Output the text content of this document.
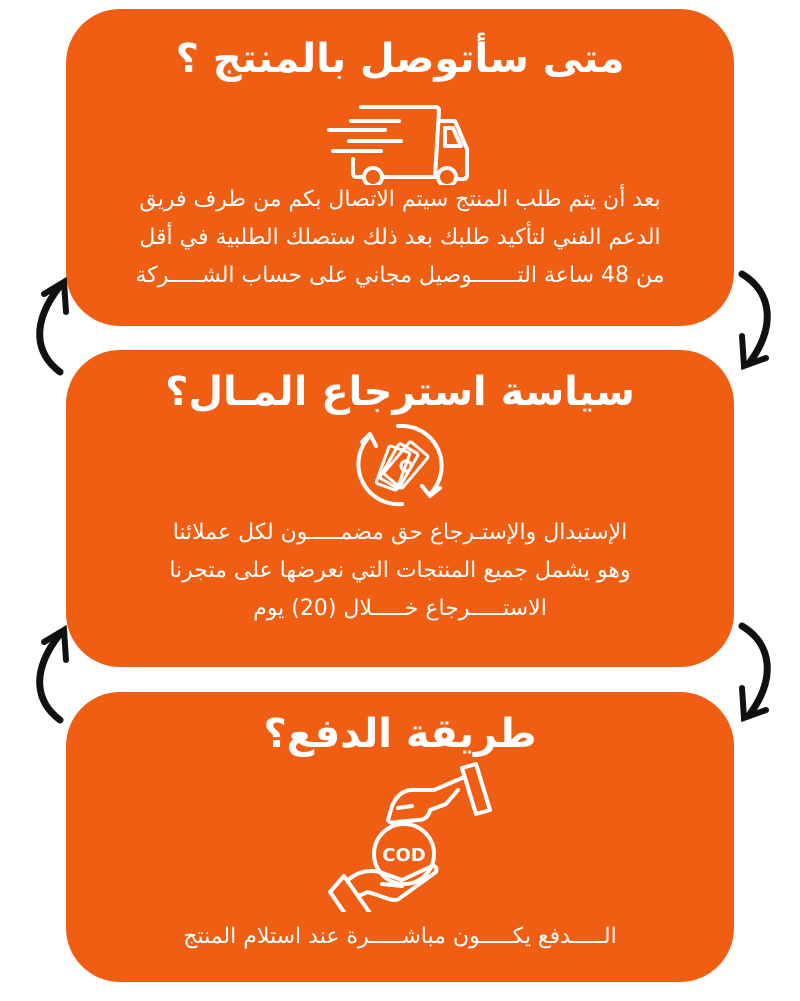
متى سأتوصل بالمنتج ؟
بعد أن يتم طلب المنتج سيتم الاتصال بكم من طرف فريق
الدعم الفني لتأكيد طلبك بعد ذلك ستصلك الطلبية في أقل
من 48 ساعة التـــــــوصيل مجاني على حساب الشـــــركة
سياسة استرجاع المـال؟
الإستبدال والإستـرجاع حق مضمـــــون لكل عملائنا
وهو يشمل جميع المنتجات التي نعرضها على متجرنا
الاستـــــرجاع خـــــلال (20) يوم
طريقة الدفع؟
COD
الـــــدفع يكـــــون مباشـــــرة عند استلام المنتج
